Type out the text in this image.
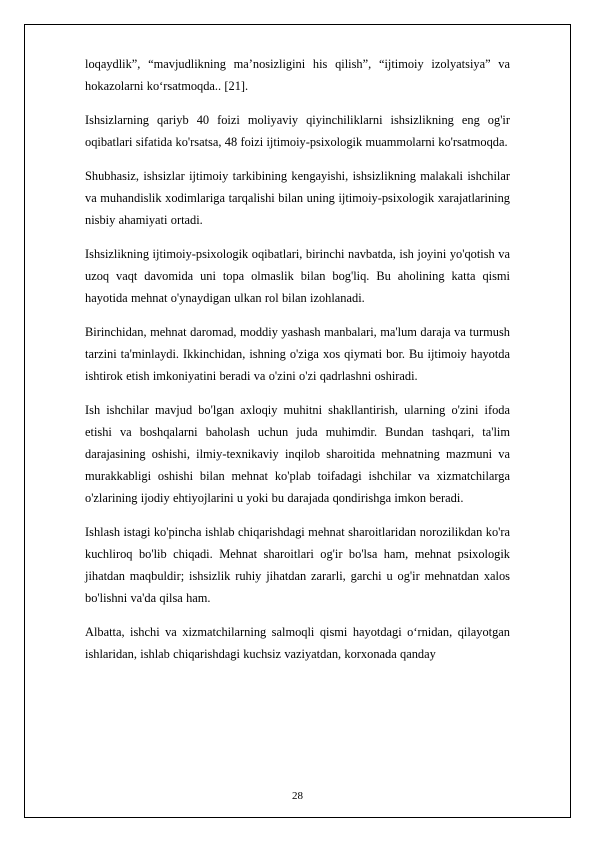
loqaydlik”, “mavjudlikning ma’nosizligini his qilish”, “ijtimoiy izolyatsiya” va hokazolarni ko‘rsatmoqda.. [21].

Ishsizlarning qariyb 40 foizi moliyaviy qiyinchiliklarni ishsizlikning eng og'ir oqibatlari sifatida ko'rsatsa, 48 foizi ijtimoiy-psixologik muammolarni ko'rsatmoqda.

Shubhasiz, ishsizlar ijtimoiy tarkibining kengayishi, ishsizlikning malakali ishchilar va muhandislik xodimlariga tarqalishi bilan uning ijtimoiy-psixologik xarajatlarining nisbiy ahamiyati ortadi.

Ishsizlikning ijtimoiy-psixologik oqibatlari, birinchi navbatda, ish joyini yo'qotish va uzoq vaqt davomida uni topa olmaslik bilan bog'liq. Bu aholining katta qismi hayotida mehnat o'ynaydigan ulkan rol bilan izohlanadi.

Birinchidan, mehnat daromad, moddiy yashash manbalari, ma'lum daraja va turmush tarzini ta'minlaydi. Ikkinchidan, ishning o'ziga xos qiymati bor. Bu ijtimoiy hayotda ishtirok etish imkoniyatini beradi va o'zini o'zi qadrlashni oshiradi.

Ish ishchilar mavjud bo'lgan axloqiy muhitni shakllantirish, ularning o'zini ifoda etishi va boshqalarni baholash uchun juda muhimdir. Bundan tashqari, ta'lim darajasining oshishi, ilmiy-texnikaviy inqilob sharoitida mehnatning mazmuni va murakkabligi oshishi bilan mehnat ko'plab toifadagi ishchilar va xizmatchilarga o'zlarining ijodiy ehtiyojlarini u yoki bu darajada qondirishga imkon beradi.

Ishlash istagi ko'pincha ishlab chiqarishdagi mehnat sharoitlaridan norozilikdan ko'ra kuchliroq bo'lib chiqadi. Mehnat sharoitlari og'ir bo'lsa ham, mehnat psixologik jihatdan maqbuldir; ishsizlik ruhiy jihatdan zararli, garchi u og'ir mehnatdan xalos bo'lishni va'da qilsa ham.

Albatta, ishchi va xizmatchilarning salmoqli qismi hayotdagi o‘rnidan, qilayotgan ishlaridan, ishlab chiqarishdagi kuchsiz vaziyatdan, korxonada qanday

28
